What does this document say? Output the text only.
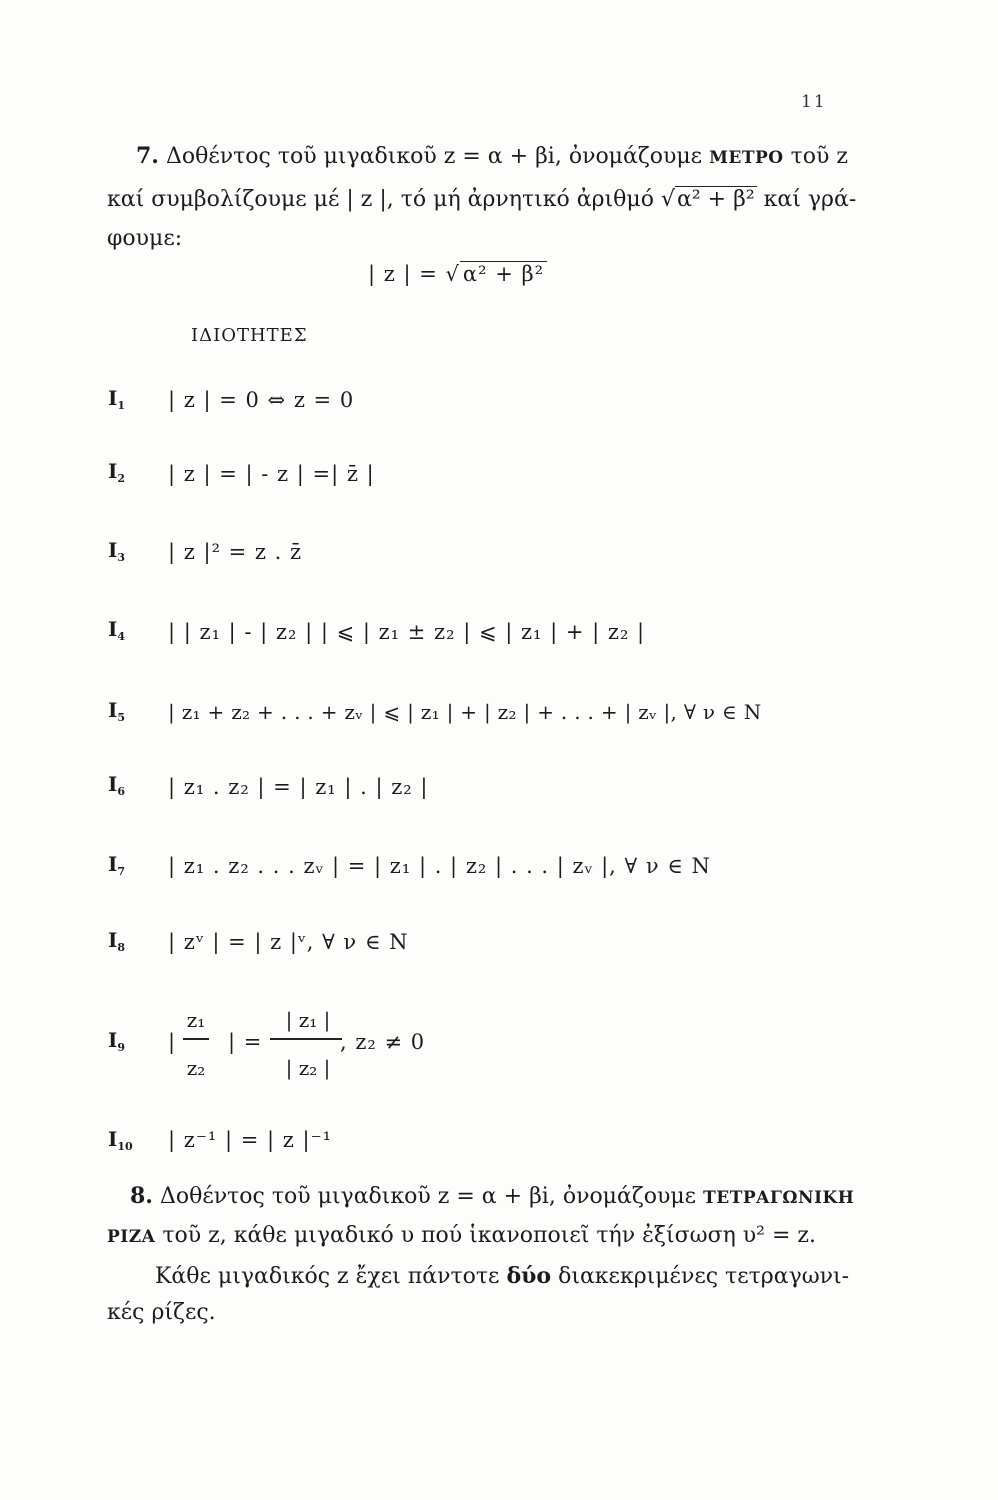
11
7. Δοθέντος τοῦ μιγαδικοῦ z = α + βi, ὀνομάζουμε ΜΕΤΡΟ τοῦ z
καί συμβολίζουμε μέ | z |, τό μή ἀρνητικό ἀριθμό √α² + β² καί γρά-
φουμε:
| z | = √ α² + β²
ΙΔΙΟΤΗΤΕΣ
$I_1$ | z | = 0 ⇔ z = 0
$I_2$ | z | = | - z | =| z̄ |
$I_3$ | z |² = z . z̄
$I_4$ | | z₁ | - | z₂ | | ⩽ | z₁ ± z₂ | ⩽ | z₁ | + | z₂ |
$I_5$ | z₁ + z₂ + . . . + zᵥ | ⩽ | z₁ | + | z₂ | + . . . + | zᵥ |, ∀ ν ∈ N
$I_6$ | z₁ . z₂ | = | z₁ | . | z₂ |
$I_7$ | z₁ . z₂ . . . zᵥ | = | z₁ | . | z₂ | . . . | zᵥ |, ∀ ν ∈ N
$I_8$ | zᵛ | = | z |ᵛ, ∀ ν ∈ N
$I_9$ |
z₁
z₂
| =
| z₁ |
| z₂ |
, z₂ ≠ 0
$I_{10}$ | z⁻¹ | = | z |⁻¹
8. Δοθέντος τοῦ μιγαδικοῦ z = α + βi, ὀνομάζουμε ΤΕΤΡΑΓΩΝΙΚΗ
ΡΙΖΑ τοῦ z, κάθε μιγαδικό υ πού ἱκανοποιεῖ τήν ἐξίσωση υ² = z.
Κάθε μιγαδικός z ἔχει πάντοτε δύο διακεκριμένες τετραγωνι-
κές ρίζες.
